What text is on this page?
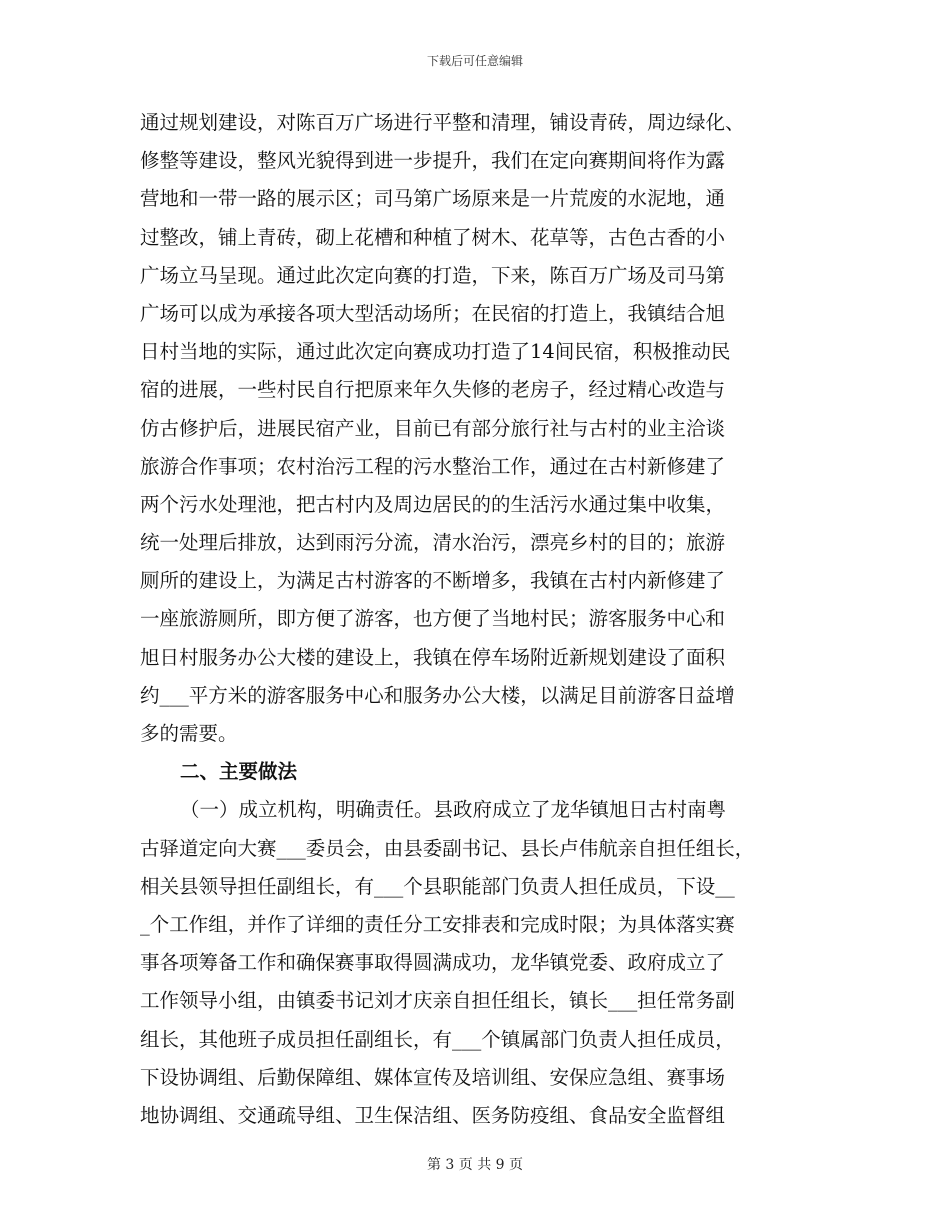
下载后可任意编辑
通过规划建设，对陈百万广场进行平整和清理，铺设青砖，周边绿化、
修整等建设，整风光貌得到进一步提升，我们在定向赛期间将作为露
营地和一带一路的展示区；司马第广场原来是一片荒废的水泥地，通
过整改，铺上青砖，砌上花槽和种植了树木、花草等，古色古香的小
广场立马呈现。通过此次定向赛的打造，下来，陈百万广场及司马第
广场可以成为承接各项大型活动场所；在民宿的打造上，我镇结合旭
日村当地的实际，通过此次定向赛成功打造了14间民宿，积极推动民
宿的进展，一些村民自行把原来年久失修的老房子，经过精心改造与
仿古修护后，进展民宿产业，目前已有部分旅行社与古村的业主洽谈
旅游合作事项；农村治污工程的污水整治工作，通过在古村新修建了
两个污水处理池，把古村内及周边居民的的生活污水通过集中收集，
统一处理后排放，达到雨污分流，清水治污，漂亮乡村的目的；旅游
厕所的建设上，为满足古村游客的不断增多，我镇在古村内新修建了
一座旅游厕所，即方便了游客，也方便了当地村民；游客服务中心和
旭日村服务办公大楼的建设上，我镇在停车场附近新规划建设了面积
约___平方米的游客服务中心和服务办公大楼，以满足目前游客日益增
多的需要。
二、主要做法
（一）成立机构，明确责任。县政府成立了龙华镇旭日古村南粤
古驿道定向大赛___委员会，由县委副书记、县长卢伟航亲自担任组长，
相关县领导担任副组长，有___个县职能部门负责人担任成员，下设__
_个工作组，并作了详细的责任分工安排表和完成时限；为具体落实赛
事各项筹备工作和确保赛事取得圆满成功，龙华镇党委、政府成立了
工作领导小组，由镇委书记刘才庆亲自担任组长，镇长___担任常务副
组长，其他班子成员担任副组长，有___个镇属部门负责人担任成员，
下设协调组、后勤保障组、媒体宣传及培训组、安保应急组、赛事场
地协调组、交通疏导组、卫生保洁组、医务防疫组、食品安全监督组
第 3 页 共 9 页
